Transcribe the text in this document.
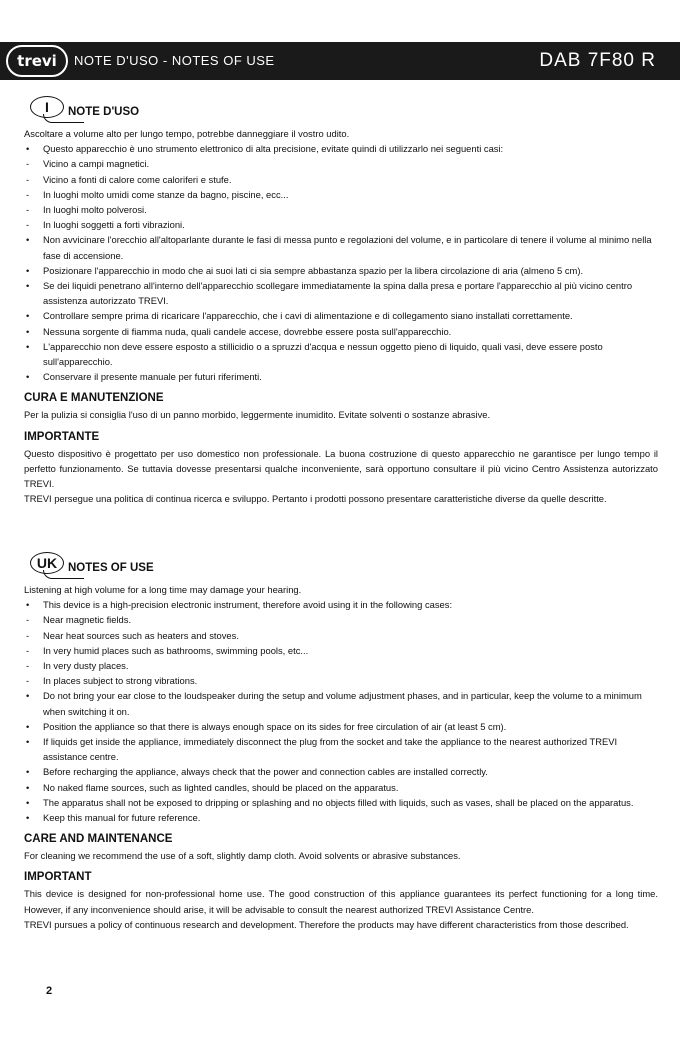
trevi	NOTE D'USO - NOTES OF USE	DAB 7F80 R
I	NOTE D'USO

Ascoltare a volume alto per lungo tempo, potrebbe danneggiare il vostro udito.

• Questo apparecchio è uno strumento elettronico di alta precisione, evitate quindi di utilizzarlo nei seguenti casi:
- Vicino a campi magnetici.
- Vicino a fonti di calore come caloriferi e stufe.
- In luoghi molto umidi come stanze da bagno, piscine, ecc...
- In luoghi molto polverosi.
- In luoghi soggetti a forti vibrazioni.
• Non avvicinare l'orecchio all'altoparlante durante le fasi di messa punto e regolazioni del volume, e in particolare di tenere il volume al minimo nella fase di accensione.
• Posizionare l'apparecchio in modo che ai suoi lati ci sia sempre abbastanza spazio per la libera circolazione di aria (almeno 5 cm).
• Se dei liquidi penetrano all'interno dell'apparecchio scollegare immediatamente la spina dalla presa e portare l'apparecchio al più vicino centro assistenza autorizzato TREVI.
• Controllare sempre prima di ricaricare l'apparecchio, che i cavi di alimentazione e di collegamento siano installati correttamente.
• Nessuna sorgente di fiamma nuda, quali candele accese, dovrebbe essere posta sull'apparecchio.
• L'apparecchio non deve essere esposto a stillicidio o a spruzzi d'acqua e nessun oggetto pieno di liquido, quali vasi, deve essere posto sull'apparecchio.
• Conservare il presente manuale per futuri riferimenti.
CURA E MANUTENZIONE

Per la pulizia si consiglia l'uso di un panno morbido, leggermente inumidito. Evitate solventi o sostanze abrasive.

IMPORTANTE

Questo dispositivo è progettato per uso domestico non professionale. La buona costruzione di questo apparecchio ne garantisce per lungo tempo il perfetto funzionamento. Se tuttavia dovesse presentarsi qualche inconveniente, sarà opportuno consultare il più vicino Centro Assistenza autorizzato TREVI.

TREVI persegue una politica di continua ricerca e sviluppo. Pertanto i prodotti possono presentare caratteristiche diverse da quelle descritte.

UK NOTES OF USE

Listening at high volume for a long time may damage your hearing.

• This device is a high-precision electronic instrument, therefore avoid using it in the following cases:
- Near magnetic fields.
- Near heat sources such as heaters and stoves.
- In very humid places such as bathrooms, swimming pools, etc...
- In very dusty places.
- In places subject to strong vibrations.
• Do not bring your ear close to the loudspeaker during the setup and volume adjustment phases, and in particular, keep the volume to a minimum when switching it on.
• Position the appliance so that there is always enough space on its sides for free circulation of air (at least 5 cm).
• If liquids get inside the appliance, immediately disconnect the plug from the socket and take the appliance to the nearest authorized TREVI assistance centre.
• Before recharging the appliance, always check that the power and connection cables are installed correctly.
• No naked flame sources, such as lighted candles, should be placed on the apparatus.
• The apparatus shall not be exposed to dripping or splashing and no objects filled with liquids, such as vases, shall be placed on the apparatus.
• Keep this manual for future reference.
CARE AND MAINTENANCE

For cleaning we recommend the use of a soft, slightly damp cloth. Avoid solvents or abrasive substances.

IMPORTANT

This device is designed for non-professional home use. The good construction of this appliance guarantees its perfect functioning for a long time. However, if any inconvenience should arise, it will be advisable to consult the nearest authorized TREVI Assistance Centre.

TREVI pursues a policy of continuous research and development. Therefore the products may have different characteristics from those described.

2
